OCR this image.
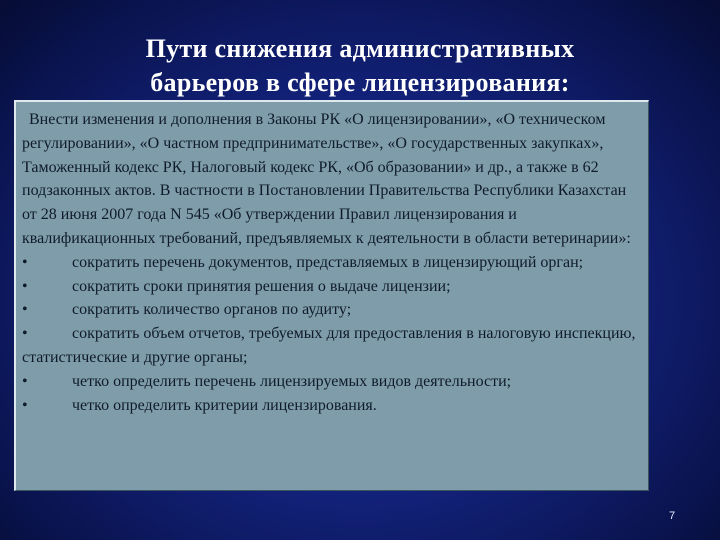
Пути снижения административных
барьеров в сфере лицензирования:

Внести изменения и дополнения в Законы РК «О лицензировании», «О техническом регулировании», «О частном предпринимательстве», «О государственных закупках», Таможенный кодекс РК, Налоговый кодекс РК, «Об образовании» и др., а также в 62 подзаконных актов. В частности в Постановлении Правительства Республики Казахстан от 28 июня 2007 года N 545 «Об утверждении Правил лицензирования и квалификационных требований, предъявляемых к деятельности в области ветеринарии»:

•	сократить перечень документов, представляемых в лицензирующий орган;

•	сократить сроки принятия решения о выдаче лицензии;

•	сократить количество органов по аудиту;

•	сократить объем отчетов, требуемых для предоставления в налоговую инспекцию, статистические и другие органы;

•	четко определить перечень лицензируемых видов деятельности;

•	четко определить критерии лицензирования.

7
